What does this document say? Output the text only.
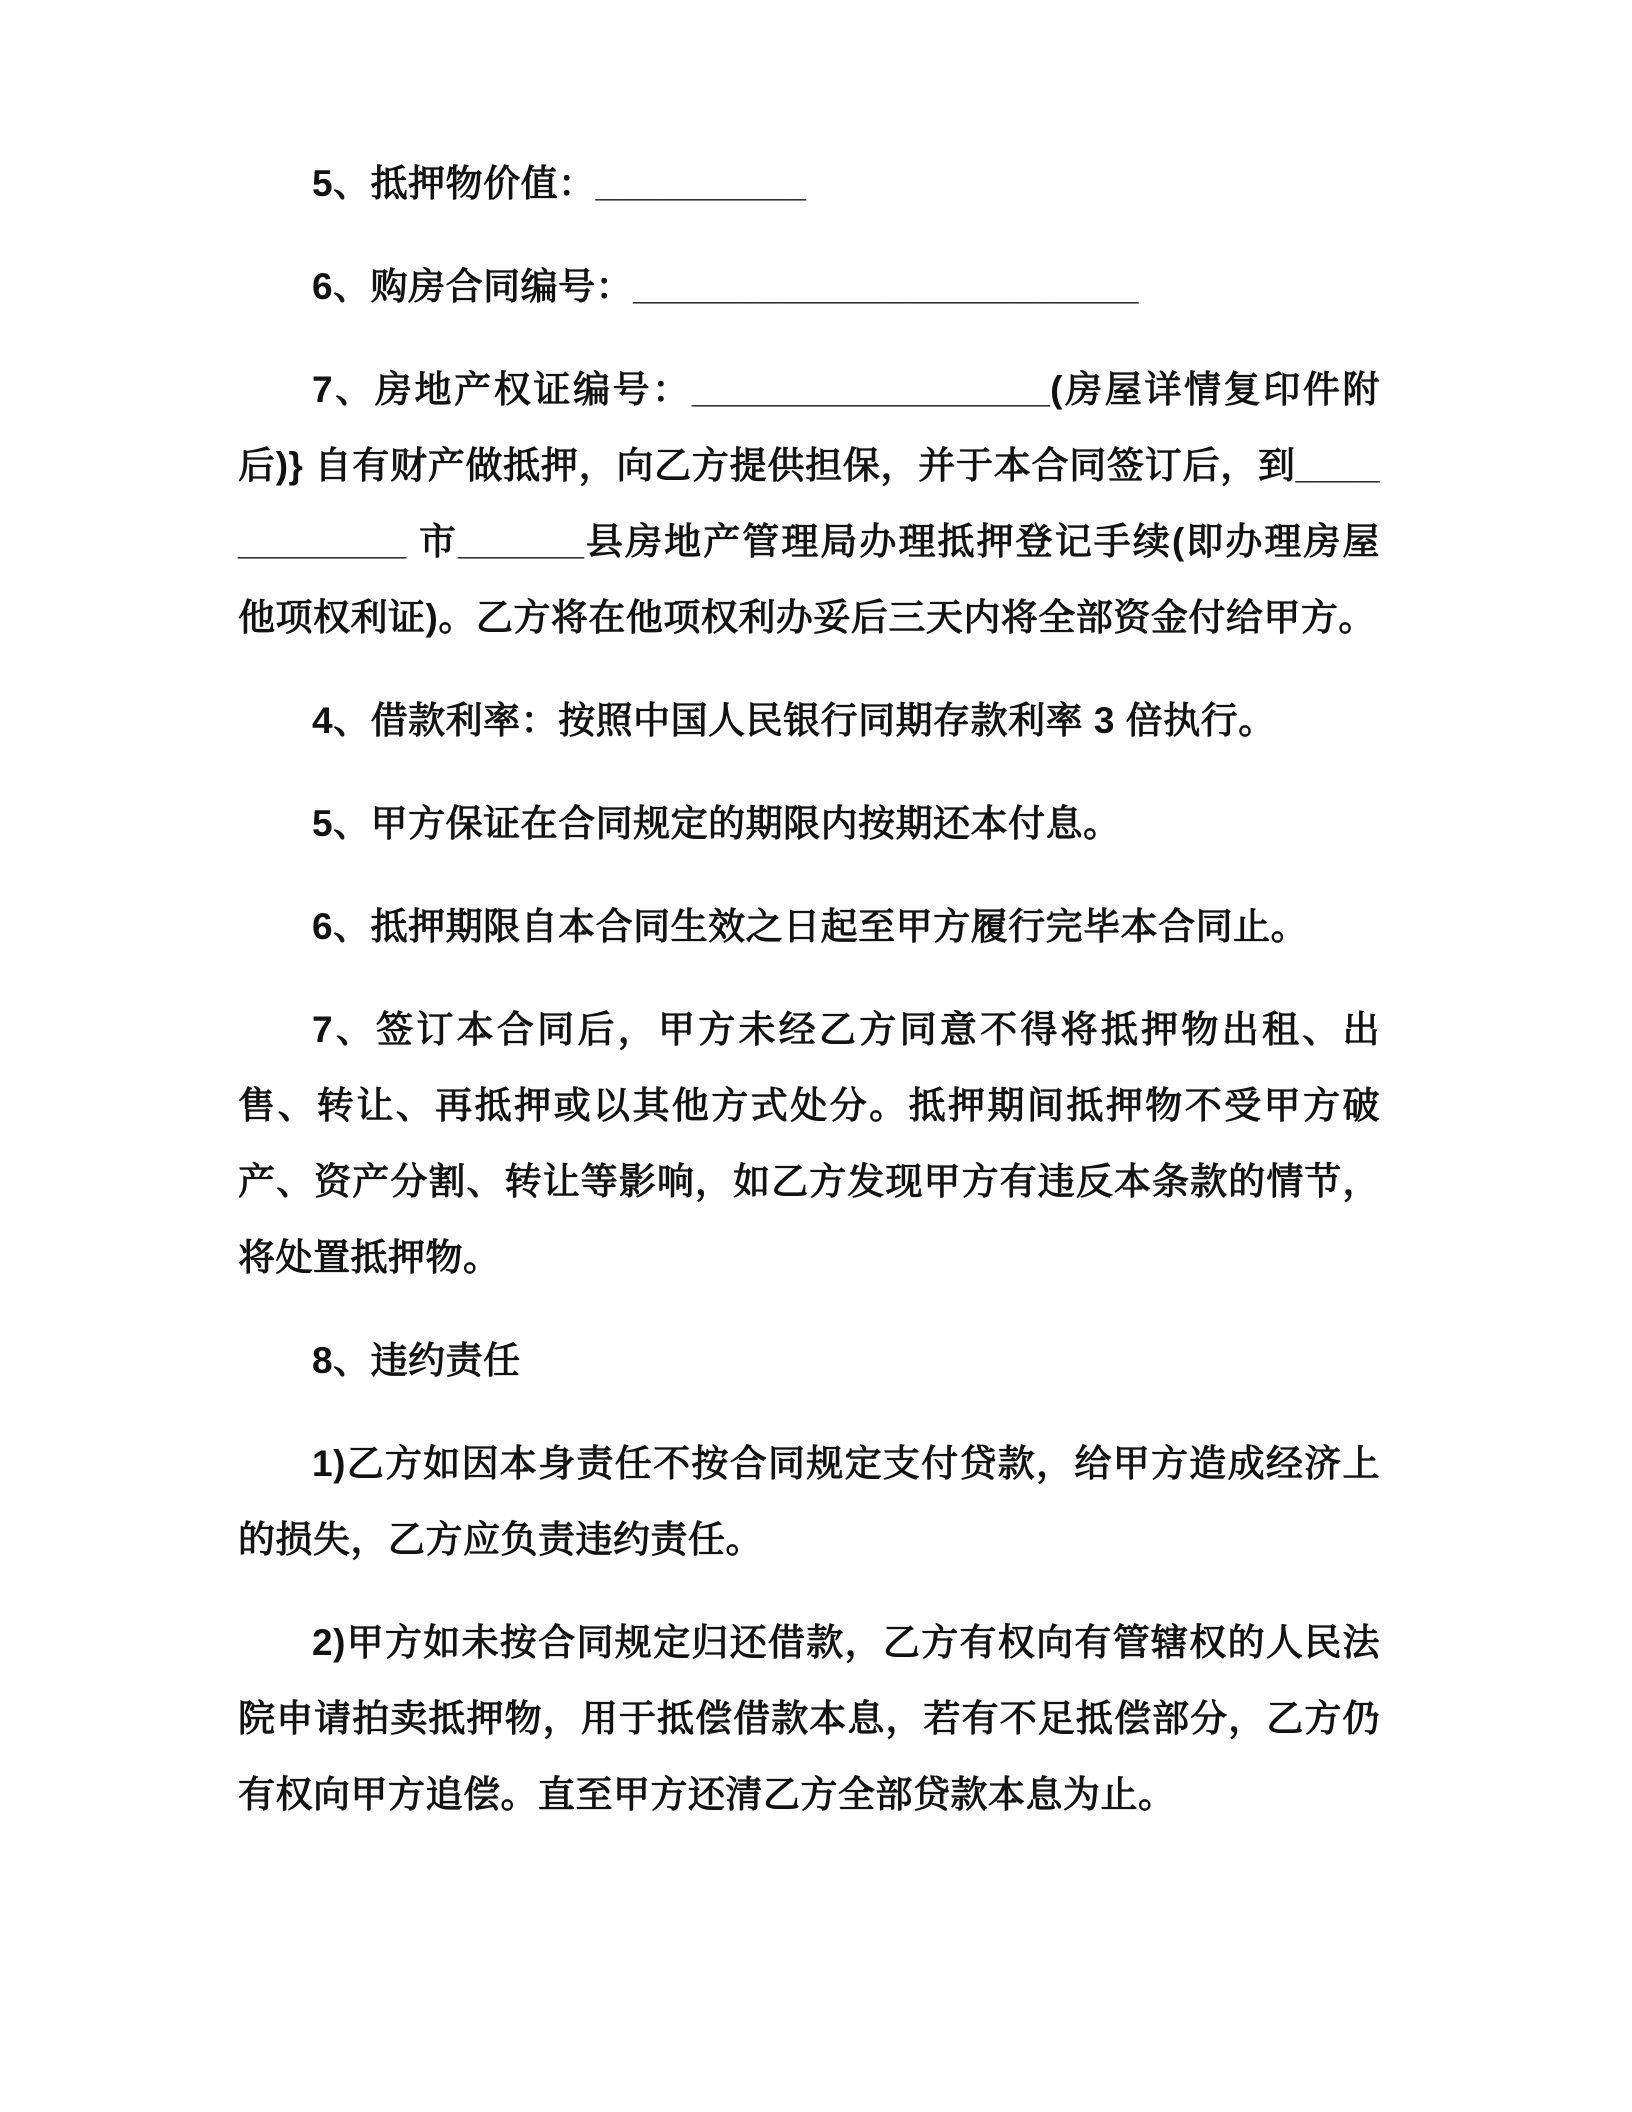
5、抵押物价值：__________

6、购房合同编号：________________________

7、房地产权证编号：_________________(房屋详情复印件附后)} 自有财产做抵押，向乙方提供担保，并于本合同签订后，到____________ 市______县房地产管理局办理抵押登记手续(即办理房屋他项权利证)。乙方将在他项权利办妥后三天内将全部资金付给甲方。

4、借款利率：按照中国人民银行同期存款利率 3 倍执行。

5、甲方保证在合同规定的期限内按期还本付息。

6、抵押期限自本合同生效之日起至甲方履行完毕本合同止。

7、签订本合同后，甲方未经乙方同意不得将抵押物出租、出售、转让、再抵押或以其他方式处分。抵押期间抵押物不受甲方破产、资产分割、转让等影响，如乙方发现甲方有违反本条款的情节，将处置抵押物。

8、违约责任

1)乙方如因本身责任不按合同规定支付贷款，给甲方造成经济上的损失，乙方应负责违约责任。

2)甲方如未按合同规定归还借款，乙方有权向有管辖权的人民法院申请拍卖抵押物，用于抵偿借款本息，若有不足抵偿部分，乙方仍有权向甲方追偿。直至甲方还清乙方全部贷款本息为止。
